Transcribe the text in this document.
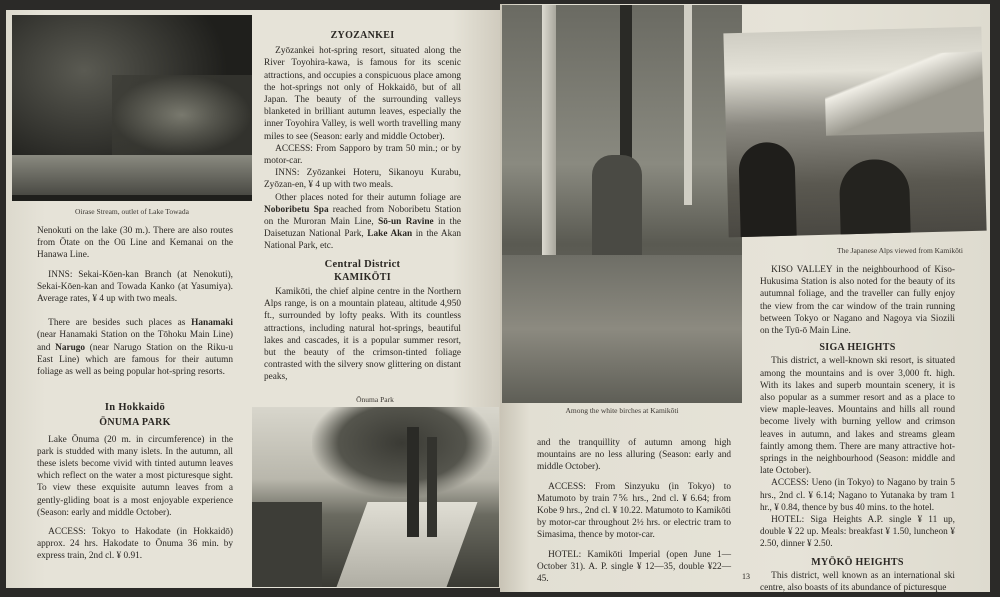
Oirase Stream, outlet of Lake Towada

Nenokuti on the lake (30 m.). There are also routes from Ōtate on the Oū Line and Kemanai on the Hanawa Line.

INNS: Sekai-Kōen-kan Branch (at Nenokuti), Sekai-Kōen-kan and Towada Kanko (at Yasumiya). Average rates, ¥ 4 up with two meals.

There are besides such places as Hanamaki (near Hanamaki Station on the Tōhoku Main Line) and Narugo (near Narugo Station on the Riku-u East Line) which are famous for their autumn foliage as well as being popular hot-spring resorts.

In Hokkaidō

ŌNUMA PARK

Lake Ōnuma (20 m. in circumference) in the park is studded with many islets. In the autumn, all these islets become vivid with tinted autumn leaves which reflect on the water a most picturesque sight. To view these exquisite autumn leaves from a gently-gliding boat is a most enjoyable experience (Season: early and middle October).

ACCESS: Tokyo to Hakodate (in Hokkaidō) approx. 24 hrs. Hakodate to Ōnuma 36 min. by express train, 2nd cl. ¥ 0.91.

ZYOZANKEI

Zyōzankei hot-spring resort, situated along the River Toyohira-kawa, is famous for its scenic attractions, and occupies a conspicuous place among the hot-springs not only of Hokkaidō, but of all Japan. The beauty of the surrounding valleys blanketed in brilliant autumn leaves, especially the inner Toyohira Valley, is well worth travelling many miles to see (Season: early and middle October).

ACCESS: From Sapporo by tram 50 min.; or by motor-car.

INNS: Zyōzankei Hoteru, Sikanoyu Kurabu, Zyōzan-en, ¥ 4 up with two meals.

Other places noted for their autumn foliage are Noboribetu Spa reached from Noboribetu Station on the Muroran Main Line, Sō-un Ravine in the Daisetuzan National Park, Lake Akan in the Akan National Park, etc.

Central District

KAMIKŌTI

Kamikōti, the chief alpine centre in the Northern Alps range, is on a mountain plateau, altitude 4,950 ft., surrounded by lofty peaks. With its countless attractions, including natural hot-springs, beautiful lakes and cascades, it is a popular summer resort, but the beauty of the crimson-tinted foliage contrasted with the silvery snow glittering on distant peaks,

Ōnuma Park
Among the white birches at Kamikōti
The Japanese Alps viewed from Kamikōti

and the tranquillity of autumn among high mountains are no less alluring (Season: early and middle October).

ACCESS: From Sinzyuku (in Tokyo) to Matumoto by train 7⅚ hrs., 2nd cl. ¥ 6.64; from Kobe 9 hrs., 2nd cl. ¥ 10.22. Matumoto to Kamikōti by motor-car throughout 2½ hrs. or electric tram to Simasima, thence by motor-car.

HOTEL: Kamikōti Imperial (open June 1—October 31). A. P. single ¥ 12—35, double ¥22—45.

KISO VALLEY in the neighbourhood of Kiso-Hukusima Station is also noted for the beauty of its autumnal foliage, and the traveller can fully enjoy the view from the car window of the train running between Tokyo or Nagano and Nagoya via Siozili on the Tyū-ō Main Line.

SIGA HEIGHTS

This district, a well-known ski resort, is situated among the mountains and is over 3,000 ft. high. With its lakes and superb mountain scenery, it is also popular as a summer resort and as a place to view maple-leaves. Mountains and hills all round become lively with burning yellow and crimson leaves in autumn, and lakes and streams gleam faintly among them. There are many attractive hot-springs in the neighbourhood (Season: middle and late October).

ACCESS: Ueno (in Tokyo) to Nagano by train 5 hrs., 2nd cl. ¥ 6.14; Nagano to Yutanaka by tram 1 hr., ¥ 0.84, thence by bus 40 mins. to the hotel.

HOTEL: Siga Heights A.P. single ¥ 11 up, double ¥ 22 up. Meals: breakfast ¥ 1.50, luncheon ¥ 2.50, dinner ¥ 2.50.

MYŌKŌ HEIGHTS

This district, well known as an international ski centre, also boasts of its abundance of picturesque

13
